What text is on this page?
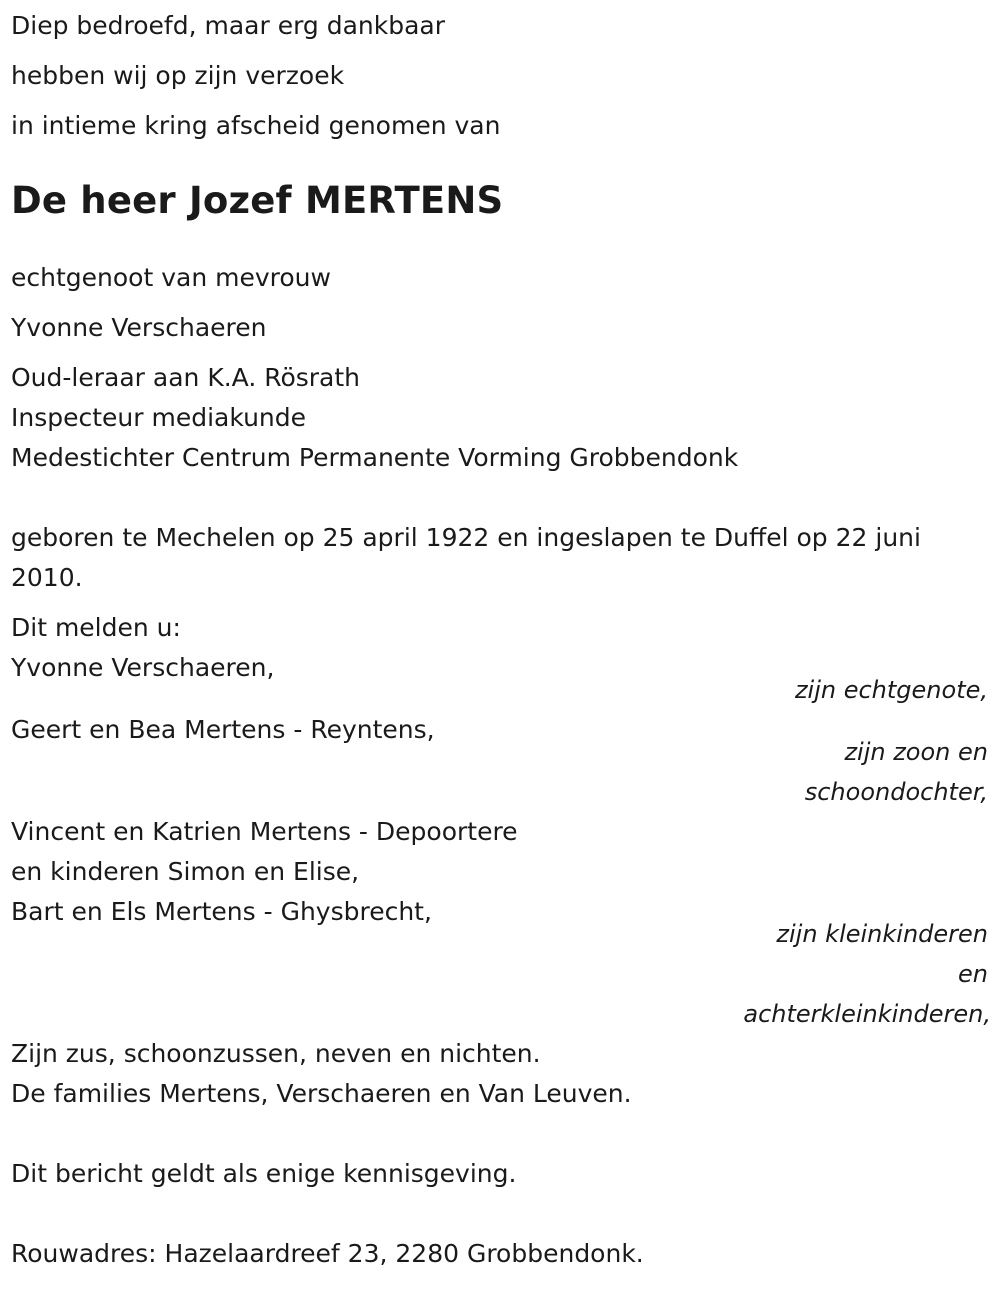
Diep bedroefd, maar erg dankbaar
hebben wij op zijn verzoek
in intieme kring afscheid genomen van
De heer Jozef MERTENS
echtgenoot van mevrouw
Yvonne Verschaeren
Oud-leraar aan K.A. Rösrath
Inspecteur mediakunde
Medestichter Centrum Permanente Vorming Grobbendonk
geboren te Mechelen op 25 april 1922 en ingeslapen te Duffel op 22 juni 2010.
Dit melden u:
Yvonne Verschaeren,
zijn echtgenote,
Geert en Bea Mertens - Reyntens,
zijn zoon en
schoondochter,
Vincent en Katrien Mertens - Depoortere
en kinderen Simon en Elise,
Bart en Els Mertens - Ghysbrecht,
zijn kleinkinderen
en
achterkleinkinderen,
Zijn zus, schoonzussen, neven en nichten.
De families Mertens, Verschaeren en Van Leuven.
Dit bericht geldt als enige kennisgeving.
Rouwadres: Hazelaardreef 23, 2280 Grobbendonk.
